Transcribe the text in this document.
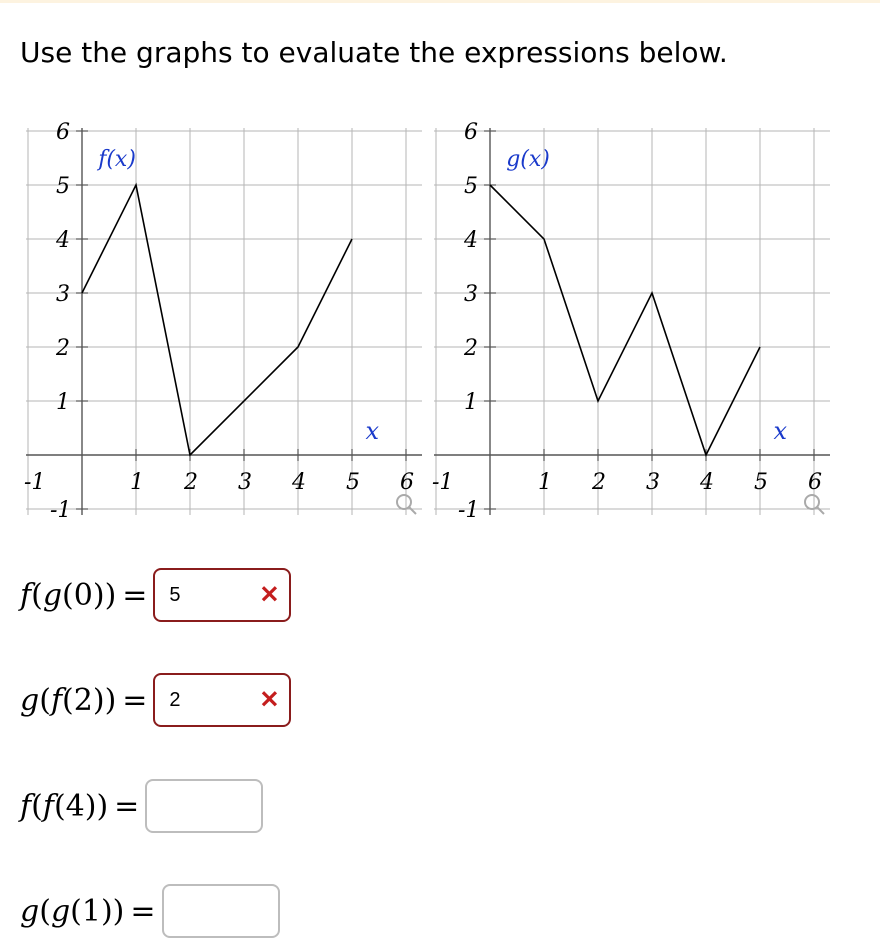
Use the graphs to evaluate the expressions below.
-1	1 2 3 4 5 6
6
5
4
3
2
1
-1
f(x)
x
-1	1 2 3 4 5 6
6
5
4
3
2
1
-1
g(x)
x
f(g(0)) = 5	✕
g(f(2)) = 2	✕
f(f(4)) =
g(g(1)) =
